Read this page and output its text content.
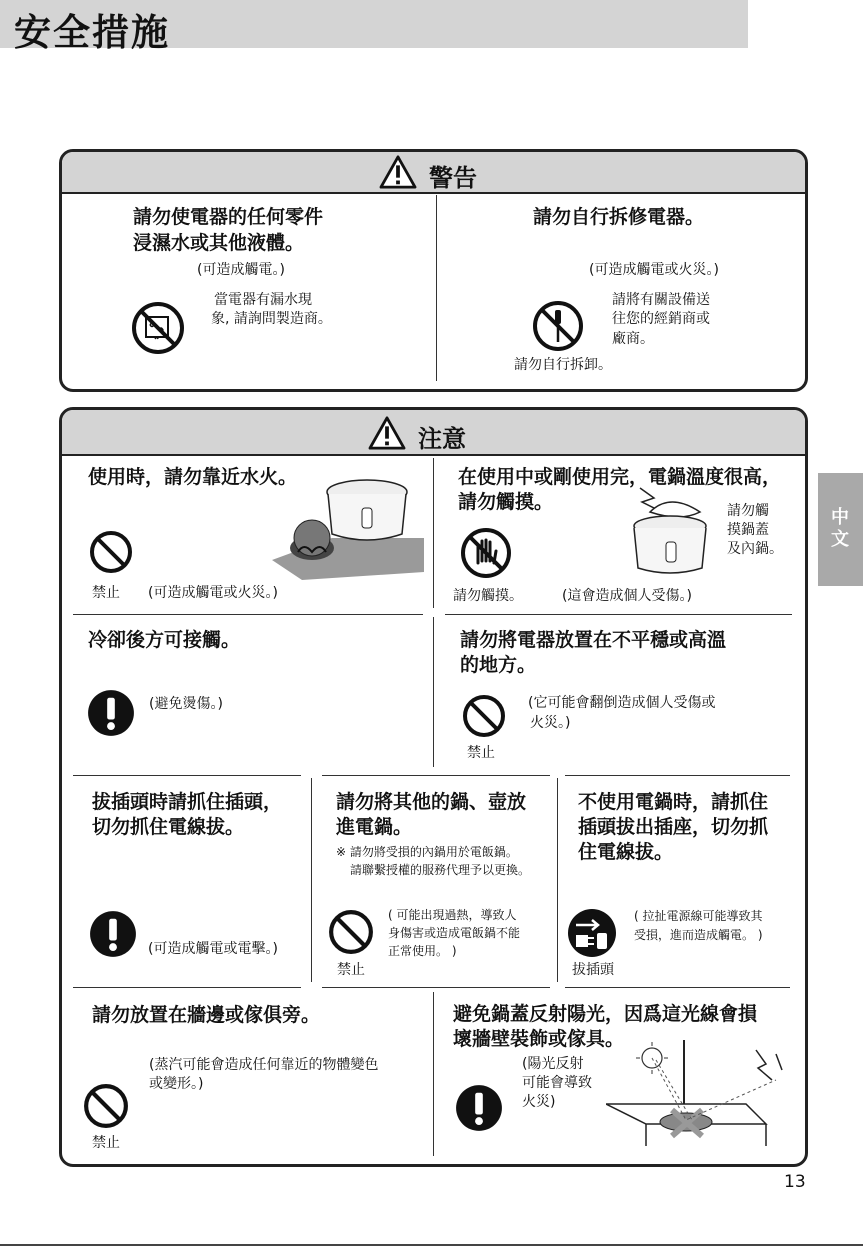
安全措施
警告
請勿使電器的任何零件
浸濕水或其他液體。
(可造成觸電。)
當電器有漏水現
象, 請詢問製造商。
請勿自行拆修電器。
(可造成觸電或火災。)
請將有關設備送
往您的經銷商或
廠商。
請勿自行拆卸。
注意
使用時，請勿靠近水火。
禁止 (可造成觸電或火災。)
在使用中或剛使用完，電鍋溫度很高，
請勿觸摸。
請勿觸摸。	(這會造成個人受傷。)
請勿觸
摸鍋蓋
及內鍋。
冷卻後方可接觸。
(避免燙傷。)
請勿將電器放置在不平穩或高溫
的地方。
禁止
(它可能會翻倒造成個人受傷或
火災。)
拔插頭時請抓住插頭，
切勿抓住電線拔。
(可造成觸電或電擊。)
請勿將其他的鍋、壺放
進電鍋。
※ 請勿將受損的內鍋用於電飯鍋。
請聯繫授權的服務代理予以更換。
禁止
( 可能出現過熱，導致人
身傷害或造成電飯鍋不能
正常使用。 )
不使用電鍋時，請抓住
插頭拔出插座，切勿抓
住電線拔。
拔插頭
( 拉扯電源線可能導致其
受損，進而造成觸電。 )
請勿放置在牆邊或傢俱旁。
(蒸汽可能會造成任何靠近的物體變色
或變形。)
禁止
避免鍋蓋反射陽光，因爲這光線會損
壞牆壁裝飾或傢具。
(陽光反射
可能會導致
火災)
中文
13
